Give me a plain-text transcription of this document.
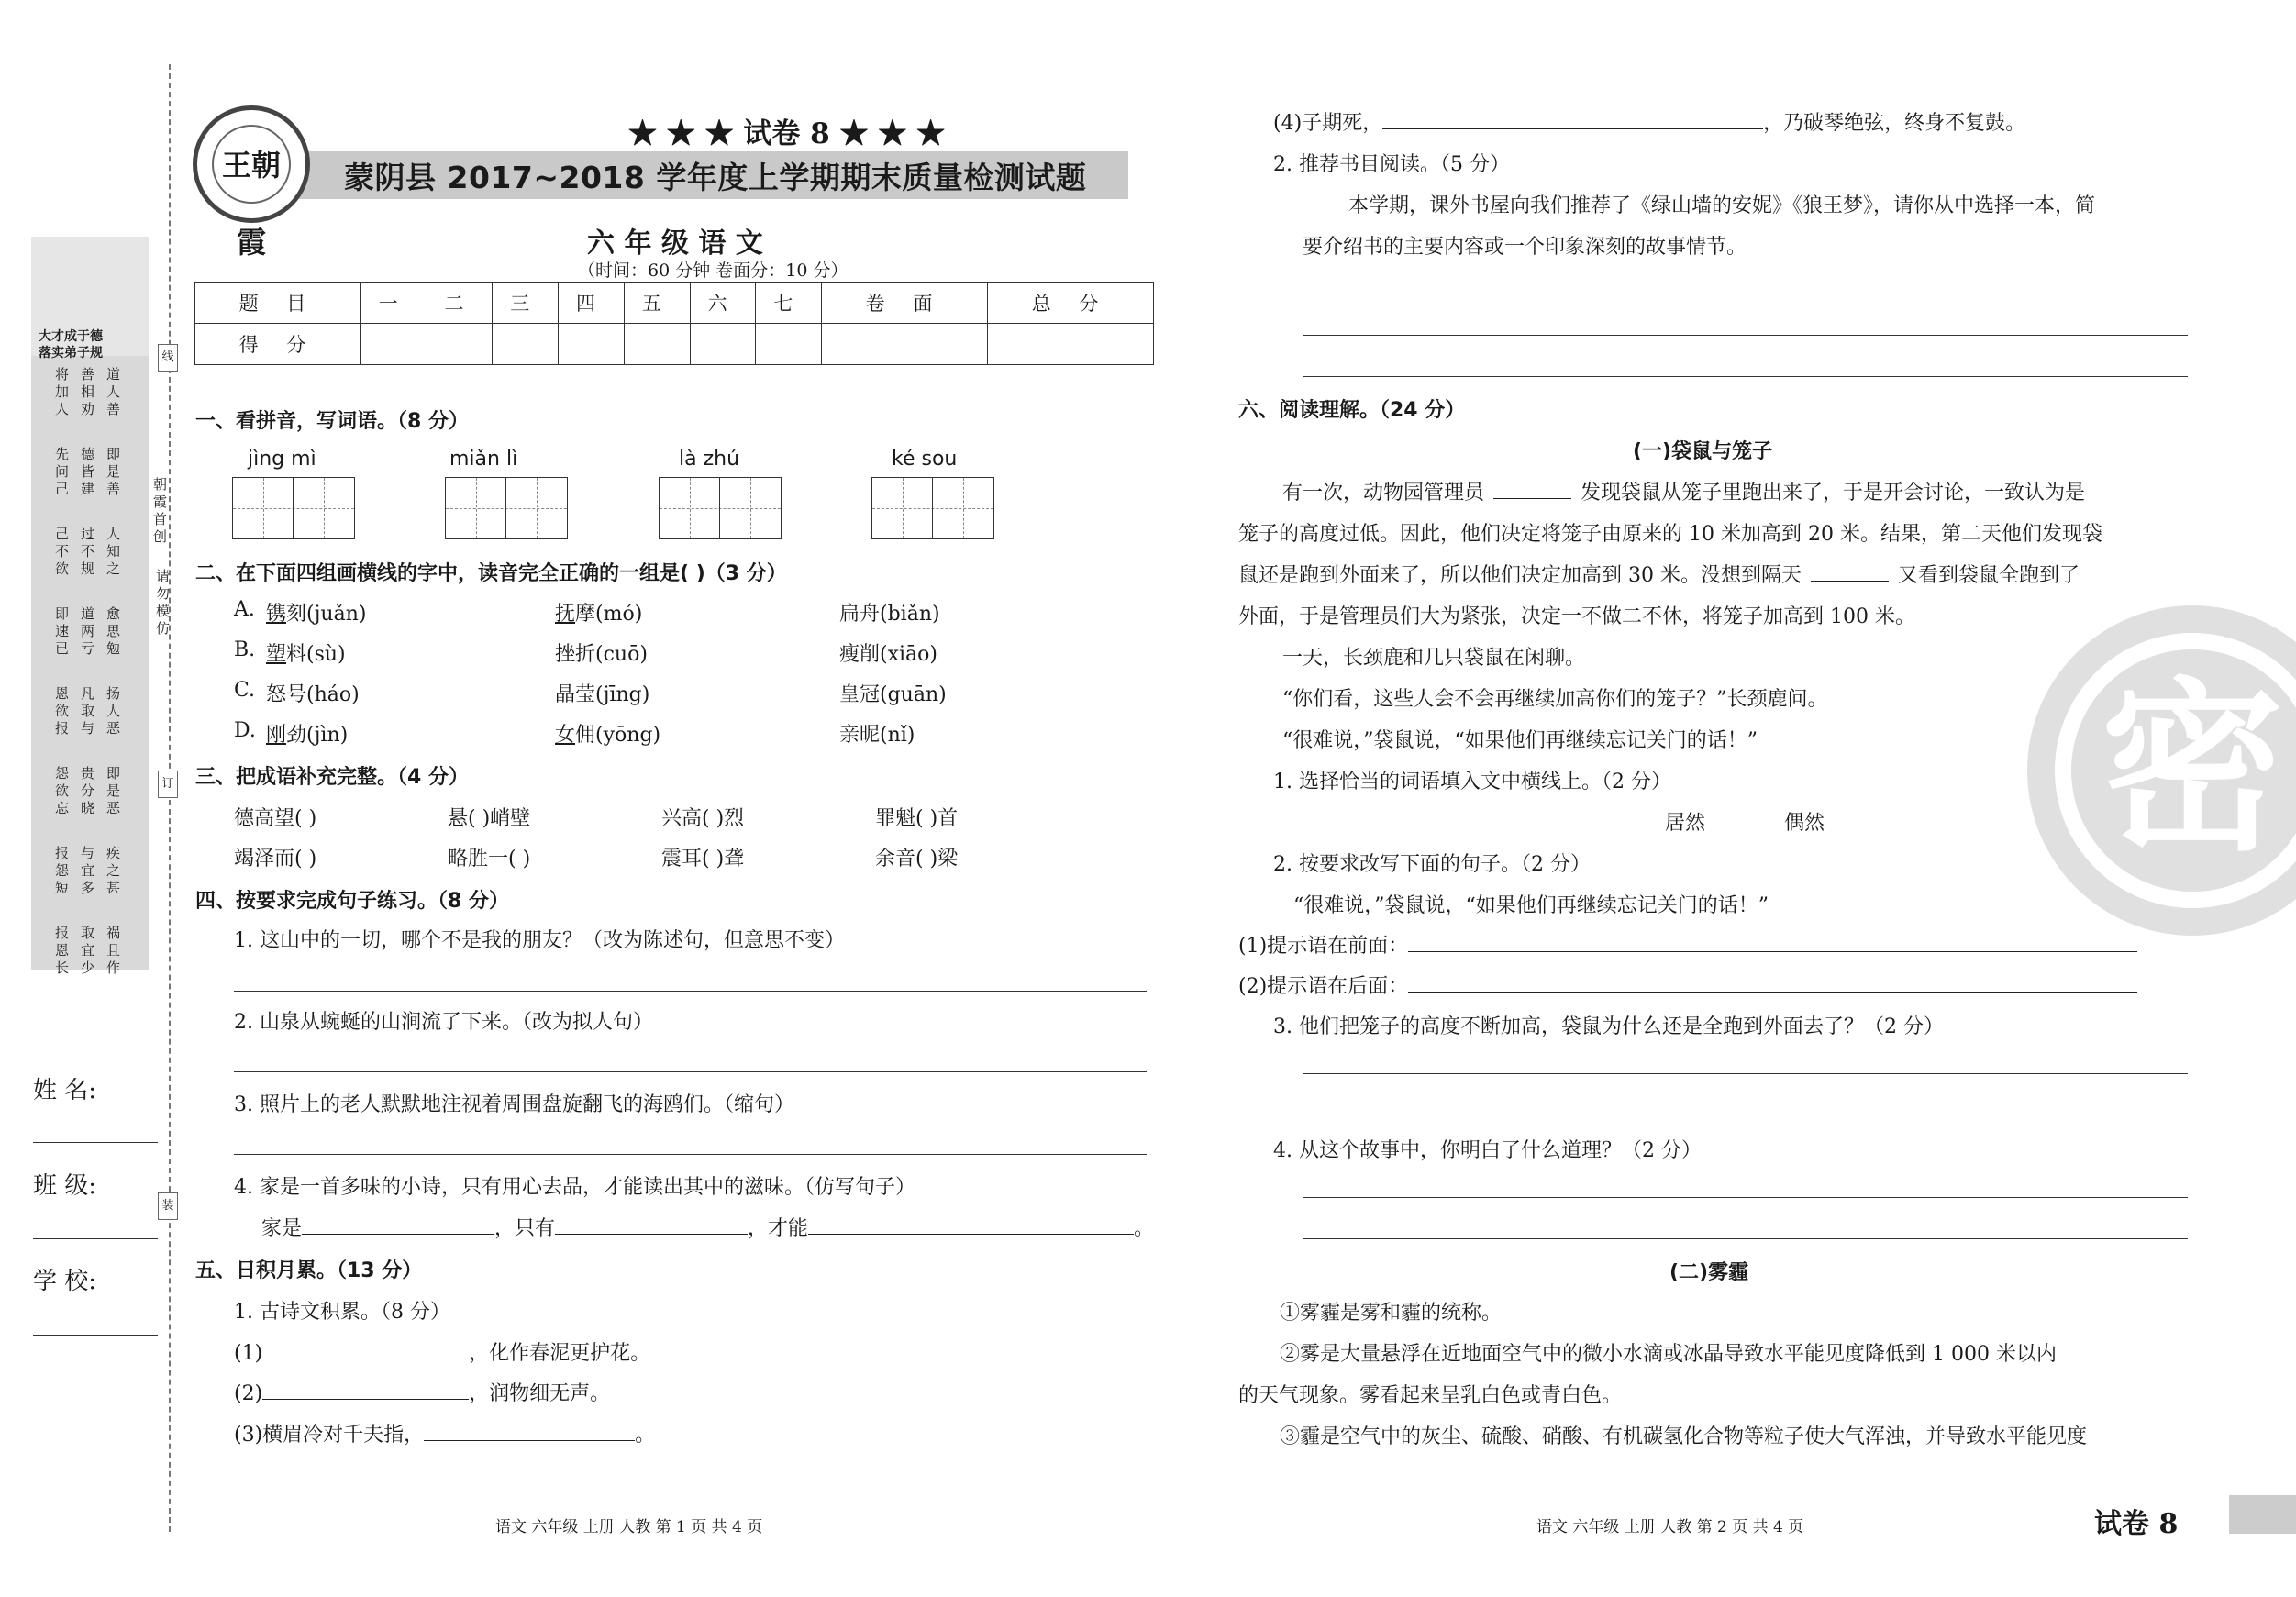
大才成于德
落实弟子规
将加人 善相劝 道人善
先问己 德皆建 即是善
己不欲 过不规 人知之
即速已 道两亏 愈思勉
恩欲报 凡取与 扬人恶
怨欲忘 贵分晓 即是恶
报怨短 与宜多 疾之甚
报恩长 取宜少 祸且作
姓 名:
班 级:
学 校:
线
订
装
朝霞首创
请勿模仿
王朝霞
★ ★ ★ 试卷 8 ★ ★ ★
蒙阴县 2017~2018 学年度上学期期末质量检测试题
六 年 级 语 文
（时间：60 分钟 卷面分：10 分）
题 目	一	二	三	四	五	六	七	卷 面	总 分
得 分									
一、看拼音，写词语。（8 分）
jìng mì	miǎn lì	là zhú	ké sou
二、在下面四组画横线的字中，读音完全正确的一组是( )（3 分）
A. 镌刻(juǎn)	抚摩(mó)	扁舟(biǎn)
B. 塑料(sù)	挫折(cuō)	瘦削(xiāo)
C. 怒号(háo)	晶莹(jīng)	皇冠(guān)
D. 刚劲(jìn)	女佣(yōng)	亲昵(nǐ)
三、把成语补充完整。（4 分）
德高望( )	悬( )峭壁	兴高( )烈	罪魁( )首
竭泽而( )	略胜一( )	震耳( )聋	余音( )梁
四、按要求完成句子练习。（8 分）
1. 这山中的一切，哪个不是我的朋友？（改为陈述句，但意思不变）
2. 山泉从蜿蜒的山涧流了下来。（改为拟人句）
3. 照片上的老人默默地注视着周围盘旋翻飞的海鸥们。（缩句）
4. 家是一首多味的小诗，只有用心去品，才能读出其中的滋味。（仿写句子）
家是	，只有	，才能	。
五、日积月累。（13 分）
1. 古诗文积累。（8 分）
(1)	，化作春泥更护花。
(2)	，润物细无声。
(3)横眉冷对千夫指，	。
语文 六年级 上册 人教 第 1 页 共 4 页
(4)子期死，	，乃破琴绝弦，终身不复鼓。
2. 推荐书目阅读。（5 分）
本学期，课外书屋向我们推荐了《绿山墙的安妮》《狼王梦》，请你从中选择一本，简
要介绍书的主要内容或一个印象深刻的故事情节。
六、阅读理解。（24 分）
(一)袋鼠与笼子
密
有一次，动物园管理员	发现袋鼠从笼子里跑出来了，于是开会讨论，一致认为是
笼子的高度过低。因此，他们决定将笼子由原来的 10 米加高到 20 米。结果，第二天他们发现袋
鼠还是跑到外面来了，所以他们决定加高到 30 米。没想到隔天	又看到袋鼠全跑到了
外面，于是管理员们大为紧张，决定一不做二不休，将笼子加高到 100 米。
一天，长颈鹿和几只袋鼠在闲聊。
“你们看，这些人会不会再继续加高你们的笼子？”长颈鹿问。
“很难说，”袋鼠说，“如果他们再继续忘记关门的话！”
1. 选择恰当的词语填入文中横线上。（2 分）
居然	偶然
2. 按要求改写下面的句子。（2 分）
“很难说，”袋鼠说，“如果他们再继续忘记关门的话！”
(1)提示语在前面：
(2)提示语在后面：
3. 他们把笼子的高度不断加高，袋鼠为什么还是全跑到外面去了？（2 分）
4. 从这个故事中，你明白了什么道理？（2 分）
(二)雾霾
①雾霾是雾和霾的统称。
②雾是大量悬浮在近地面空气中的微小水滴或冰晶导致水平能见度降低到 1 000 米以内
的天气现象。雾看起来呈乳白色或青白色。
③霾是空气中的灰尘、硫酸、硝酸、有机碳氢化合物等粒子使大气浑浊，并导致水平能见度
语文 六年级 上册 人教 第 2 页 共 4 页	试卷 8
